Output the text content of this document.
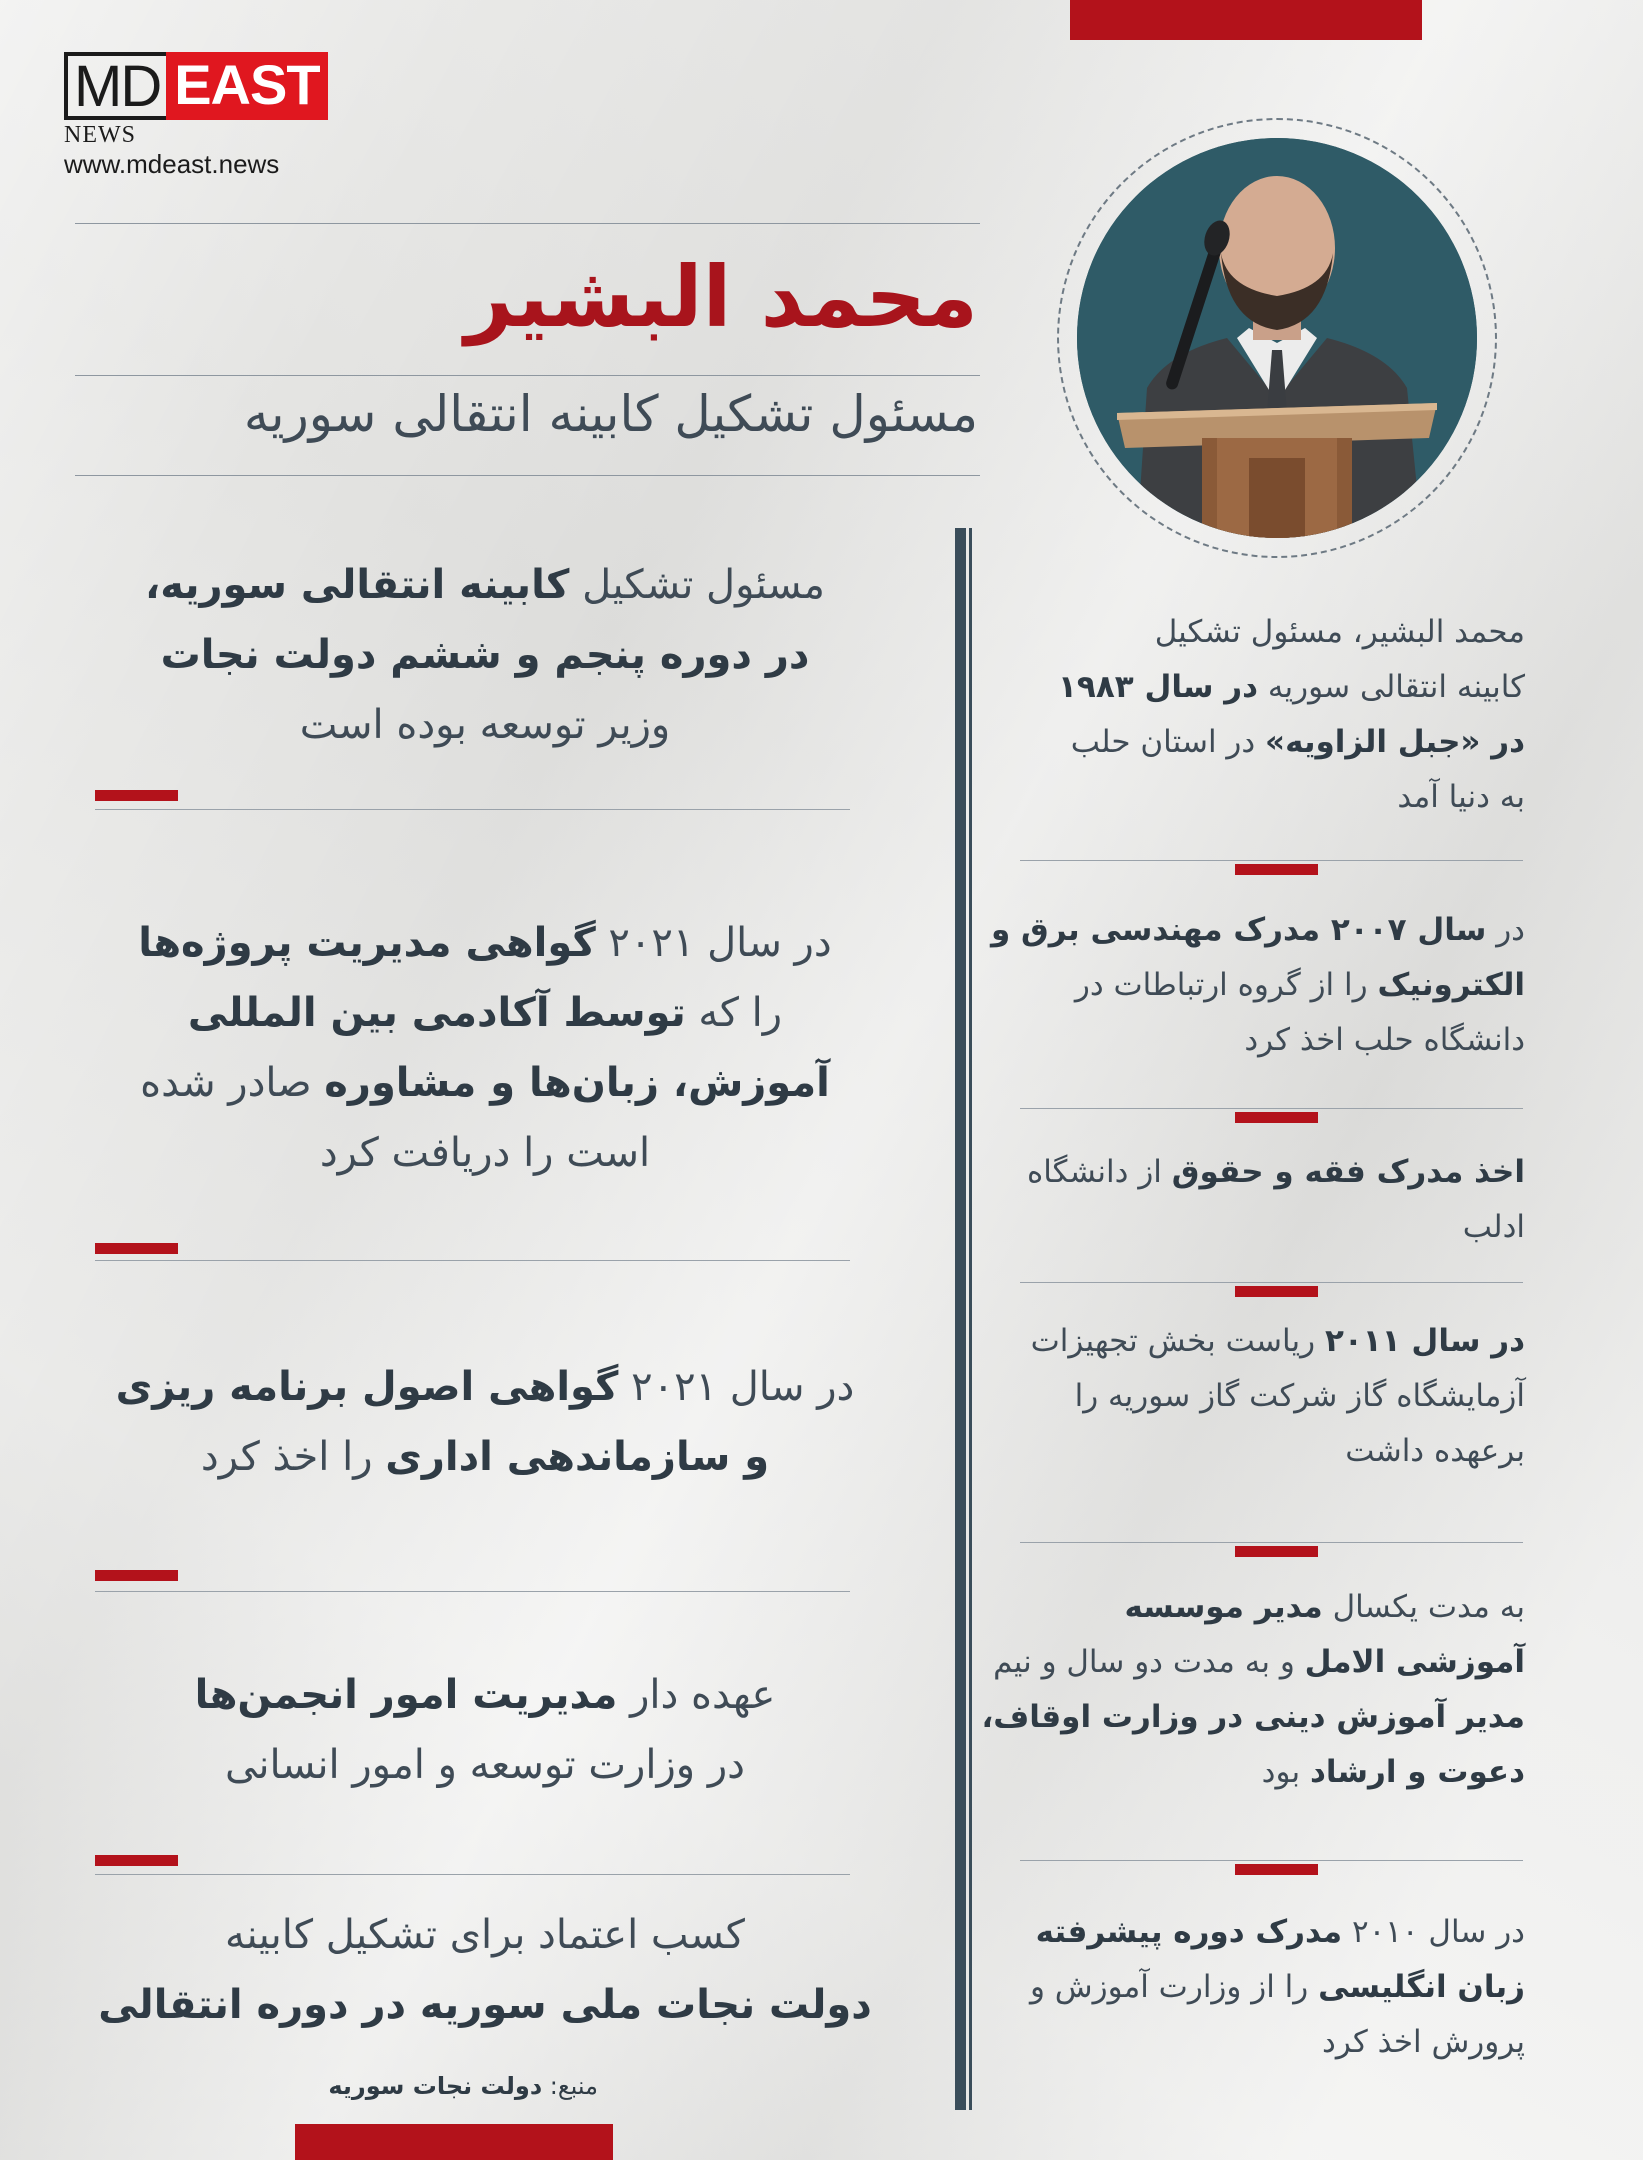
MD EAST
NEWS
www.mdeast.news
محمد البشیر
مسئول تشکیل کابینه انتقالی سوریه
مسئول تشکیل کابینه انتقالی سوریه،
در دوره پنجم و ششم دولت نجات
وزیر توسعه بوده است
در سال ۲۰۲۱ گواهی مدیریت پروژه‌ها
را که توسط آکادمی بین المللی
آموزش، زبان‌ها و مشاوره صادر شده
است را دریافت کرد
در سال ۲۰۲۱ گواهی اصول برنامه ریزی
و سازماندهی اداری را اخذ کرد
عهده دار مدیریت امور انجمن‌ها
در وزارت توسعه و امور انسانی
کسب اعتماد برای تشکیل کابینه
دولت نجات ملی سوریه در دوره انتقالی
منبع: دولت نجات سوریه
محمد البشیر، مسئول تشکیل
کابینه انتقالی سوریه در سال ۱۹۸۳
در «جبل الزاویه» در استان حلب
به دنیا آمد
در سال ۲۰۰۷ مدرک مهندسی برق و
الکترونیک را از گروه ارتباطات در
دانشگاه حلب اخذ کرد
اخذ مدرک فقه و حقوق از دانشگاه
ادلب
در سال ۲۰۱۱ ریاست بخش تجهیزات
آزمایشگاه گاز شرکت گاز سوریه را
برعهده داشت
به مدت یکسال مدیر موسسه
آموزشی الامل و به مدت دو سال و نیم
مدیر آموزش دینی در وزارت اوقاف،
دعوت و ارشاد بود
در سال ۲۰۱۰ مدرک دوره پیشرفته
زبان انگلیسی را از وزارت آموزش و
پرورش اخذ کرد
